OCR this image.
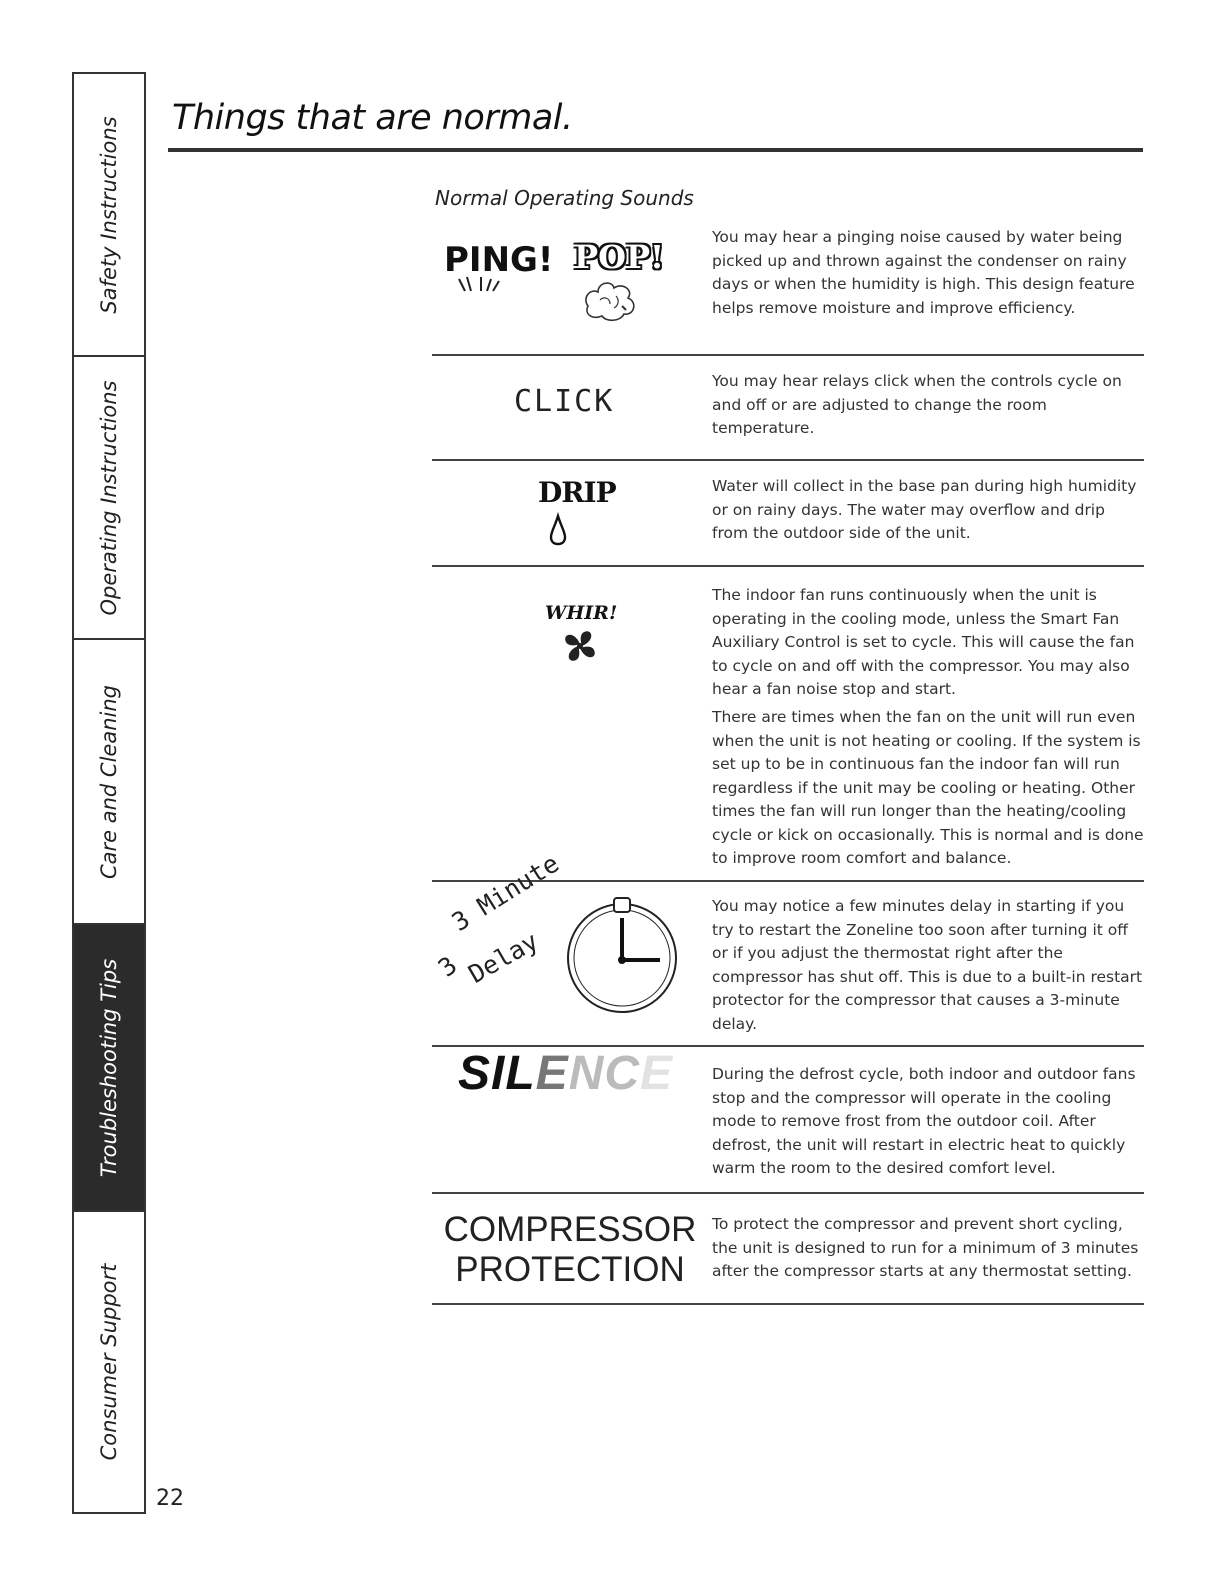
Safety Instructions
Operating Instructions
Care and Cleaning
Troubleshooting Tips
Consumer Support
Things that are normal.
Normal Operating Sounds

PING! POP!

You may hear a pinging noise caused by water being picked up and thrown against the condenser on rainy days or when the humidity is high. This design feature helps remove moisture and improve efficiency.

CLICK

You may hear relays click when the controls cycle on and off or are adjusted to change the room temperature.

DRIP	Water will collect in the base pan during high humidity or on rainy days. The water may overflow and drip from the outdoor side of the unit.

WHIR!

The indoor fan runs continuously when the unit is operating in the cooling mode, unless the Smart Fan Auxiliary Control is set to cycle. This will cause the fan to cycle on and off with the compressor. You may also hear a fan noise stop and start.

There are times when the fan on the unit will run even when the unit is not heating or cooling. If the system is set up to be in continuous fan the indoor fan will run regardless if the unit may be cooling or heating. Other times the fan will run longer than the heating/cooling cycle or kick on occasionally. This is normal and is done to improve room comfort and balance.

3
3 Minute
Delay

You may notice a few minutes delay in starting if you try to restart the Zoneline too soon after turning it off or if you adjust the thermostat right after the compressor has shut off. This is due to a built-in restart protector for the compressor that causes a 3-minute delay.

SILENCE	During the defrost cycle, both indoor and outdoor fans stop and the compressor will operate in the cooling mode to remove frost from the outdoor coil. After defrost, the unit will restart in electric heat to quickly warm the room to the desired comfort level.

COMPRESSOR
PROTECTION

To protect the compressor and prevent short cycling, the unit is designed to run for a minimum of 3 minutes after the compressor starts at any thermostat setting.

22
